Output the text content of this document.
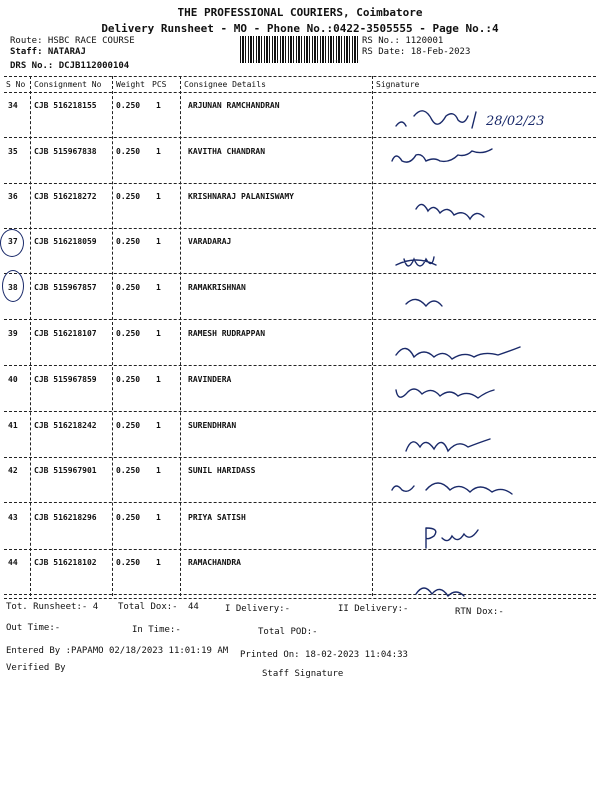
THE PROFESSIONAL COURIERS, Coimbatore
Delivery Runsheet - MO - Phone No.:0422-3505555 - Page No.:4
Route: HSBC RACE COURSE
Staff: NATARAJ
DRS No.: DCJB112000104
RS No.: 1120001
RS Date: 18-Feb-2023
S No Consignment No Weight PCS Consignee Details	Signature
34 CJB 516218155 0.250 1	ARJUNAN RAMCHANDRAN
28/02/23
35 CJB 515967838 0.250 1	KAVITHA CHANDRAN
36 CJB 516218272 0.250 1	KRISHNARAJ PALANISWAMY
37 CJB 516218059 0.250 1	VARADARAJ
38 CJB 515967857 0.250 1	RAMAKRISHNAN
39 CJB 516218107 0.250 1	RAMESH RUDRAPPAN
40 CJB 515967859 0.250 1	RAVINDERA
41 CJB 516218242 0.250 1	SURENDHRAN
42 CJB 515967901 0.250 1	SUNIL HARIDASS
43 CJB 516218296 0.250 1	PRIYA SATISH
44 CJB 516218102 0.250 1	RAMACHANDRA
Tot. Runsheet:- 4 Total Dox:- 44	I Delivery:-	II Delivery:-	RTN Dox:-
Out Time:-	In Time:-	Total POD:-
Entered By :PAPAMO 02/18/2023 11:01:19 AM Printed On: 18-02-2023 11:04:33
Verified By
Staff Signature
